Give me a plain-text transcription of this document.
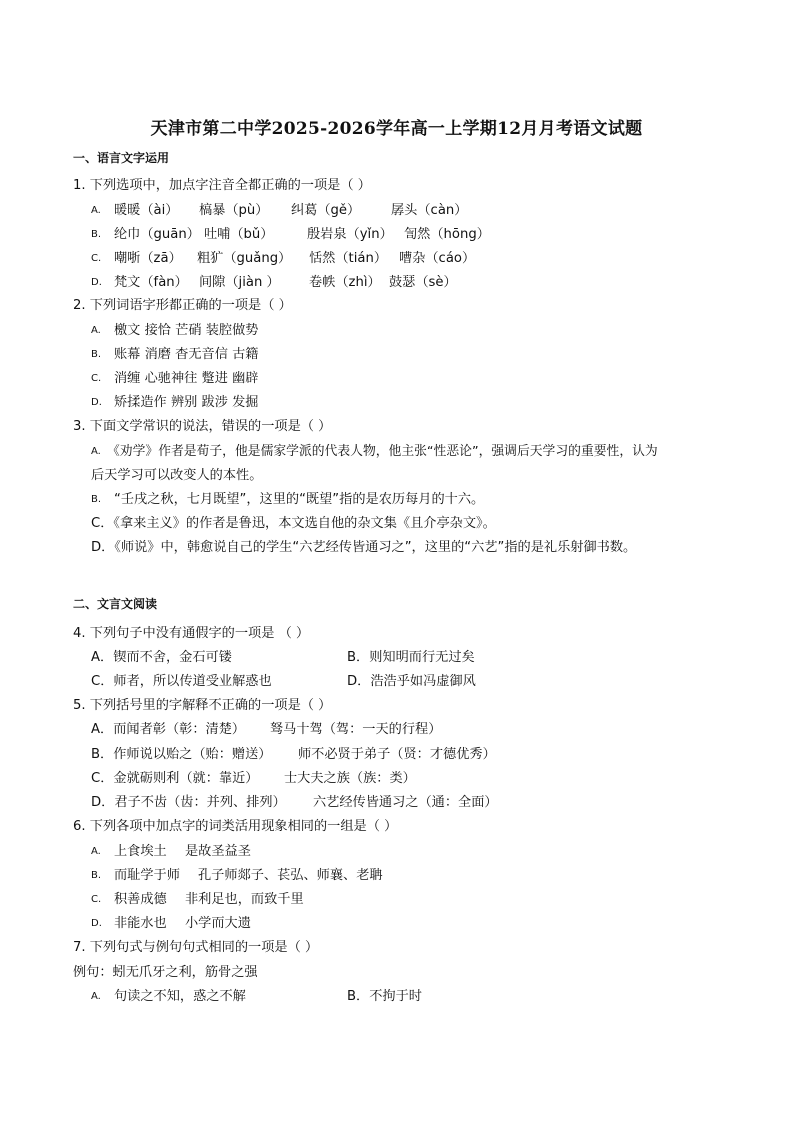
天津市第二中学2025-2026学年高一上学期12月月考语文试题
一、语言文字运用
1. 下列选项中，加点字注音全都正确的一项是（ ）
A. 暖暖（ài） 槁暴（pù） 纠葛（gě） 孱头（càn）
B. 纶巾（guān） 吐哺（bǔ）	殷岩泉（yǐn） 訇然（hōng）
C. 嘲哳（zā） 粗犷（guǎng） 恬然（tián） 嘈杂（cáo）
D. 梵文（fàn） 间隙（jiàn ） 卷帙（zhì） 鼓瑟（sè）
2. 下列词语字形都正确的一项是（ ）
A. 檄文 接恰 芒硝 装腔做势
B. 账幕 消磨 杳无音信 古籍
C. 消缠 心驰神往 蹩进 幽辟
D. 矫揉造作 辨别 跋涉 发掘
3. 下面文学常识的说法，错误的一项是（ ）
A. 《劝学》作者是荀子，他是儒家学派的代表人物，他主张“性恶论”，强调后天学习的重要性，认为
后天学习可以改变人的本性。
B. “壬戌之秋，七月既望”，这里的“既望”指的是农历每月的十六。
C．《拿来主义》的作者是鲁迅，本文选自他的杂文集《且介亭杂文》。
D．《师说》中，韩愈说自己的学生“六艺经传皆通习之”，这里的“六艺”指的是礼乐射御书数。
二、文言文阅读
4. 下列句子中没有通假字的一项是 （ ）
A．锲而不舍，金石可镂	B．则知明而行无过矣
C．师者，所以传道受业解惑也	D．浩浩乎如冯虚御风
5. 下列括号里的字解释不正确的一项是（ ）
A．而闻者彰（彰：清楚） 驽马十驾（驾：一天的行程）
B．作师说以贻之（贻：赠送） 师不必贤于弟子（贤：才德优秀）
C．金就砺则利（就：靠近） 士大夫之族（族：类）
D．君子不齿（齿：并列、排列） 六艺经传皆通习之（通：全面）
6. 下列各项中加点字的词类活用现象相同的一组是（ ）
A. 上食埃土 是故圣益圣
B. 而耻学于师 孔子师郯子、苌弘、师襄、老聃
C. 积善成德 非利足也，而致千里
D. 非能水也 小学而大遗
7. 下列句式与例句句式相同的一项是（ ）
例句：蚓无爪牙之利，筋骨之强
A. 句读之不知，惑之不解	B．不拘于时
